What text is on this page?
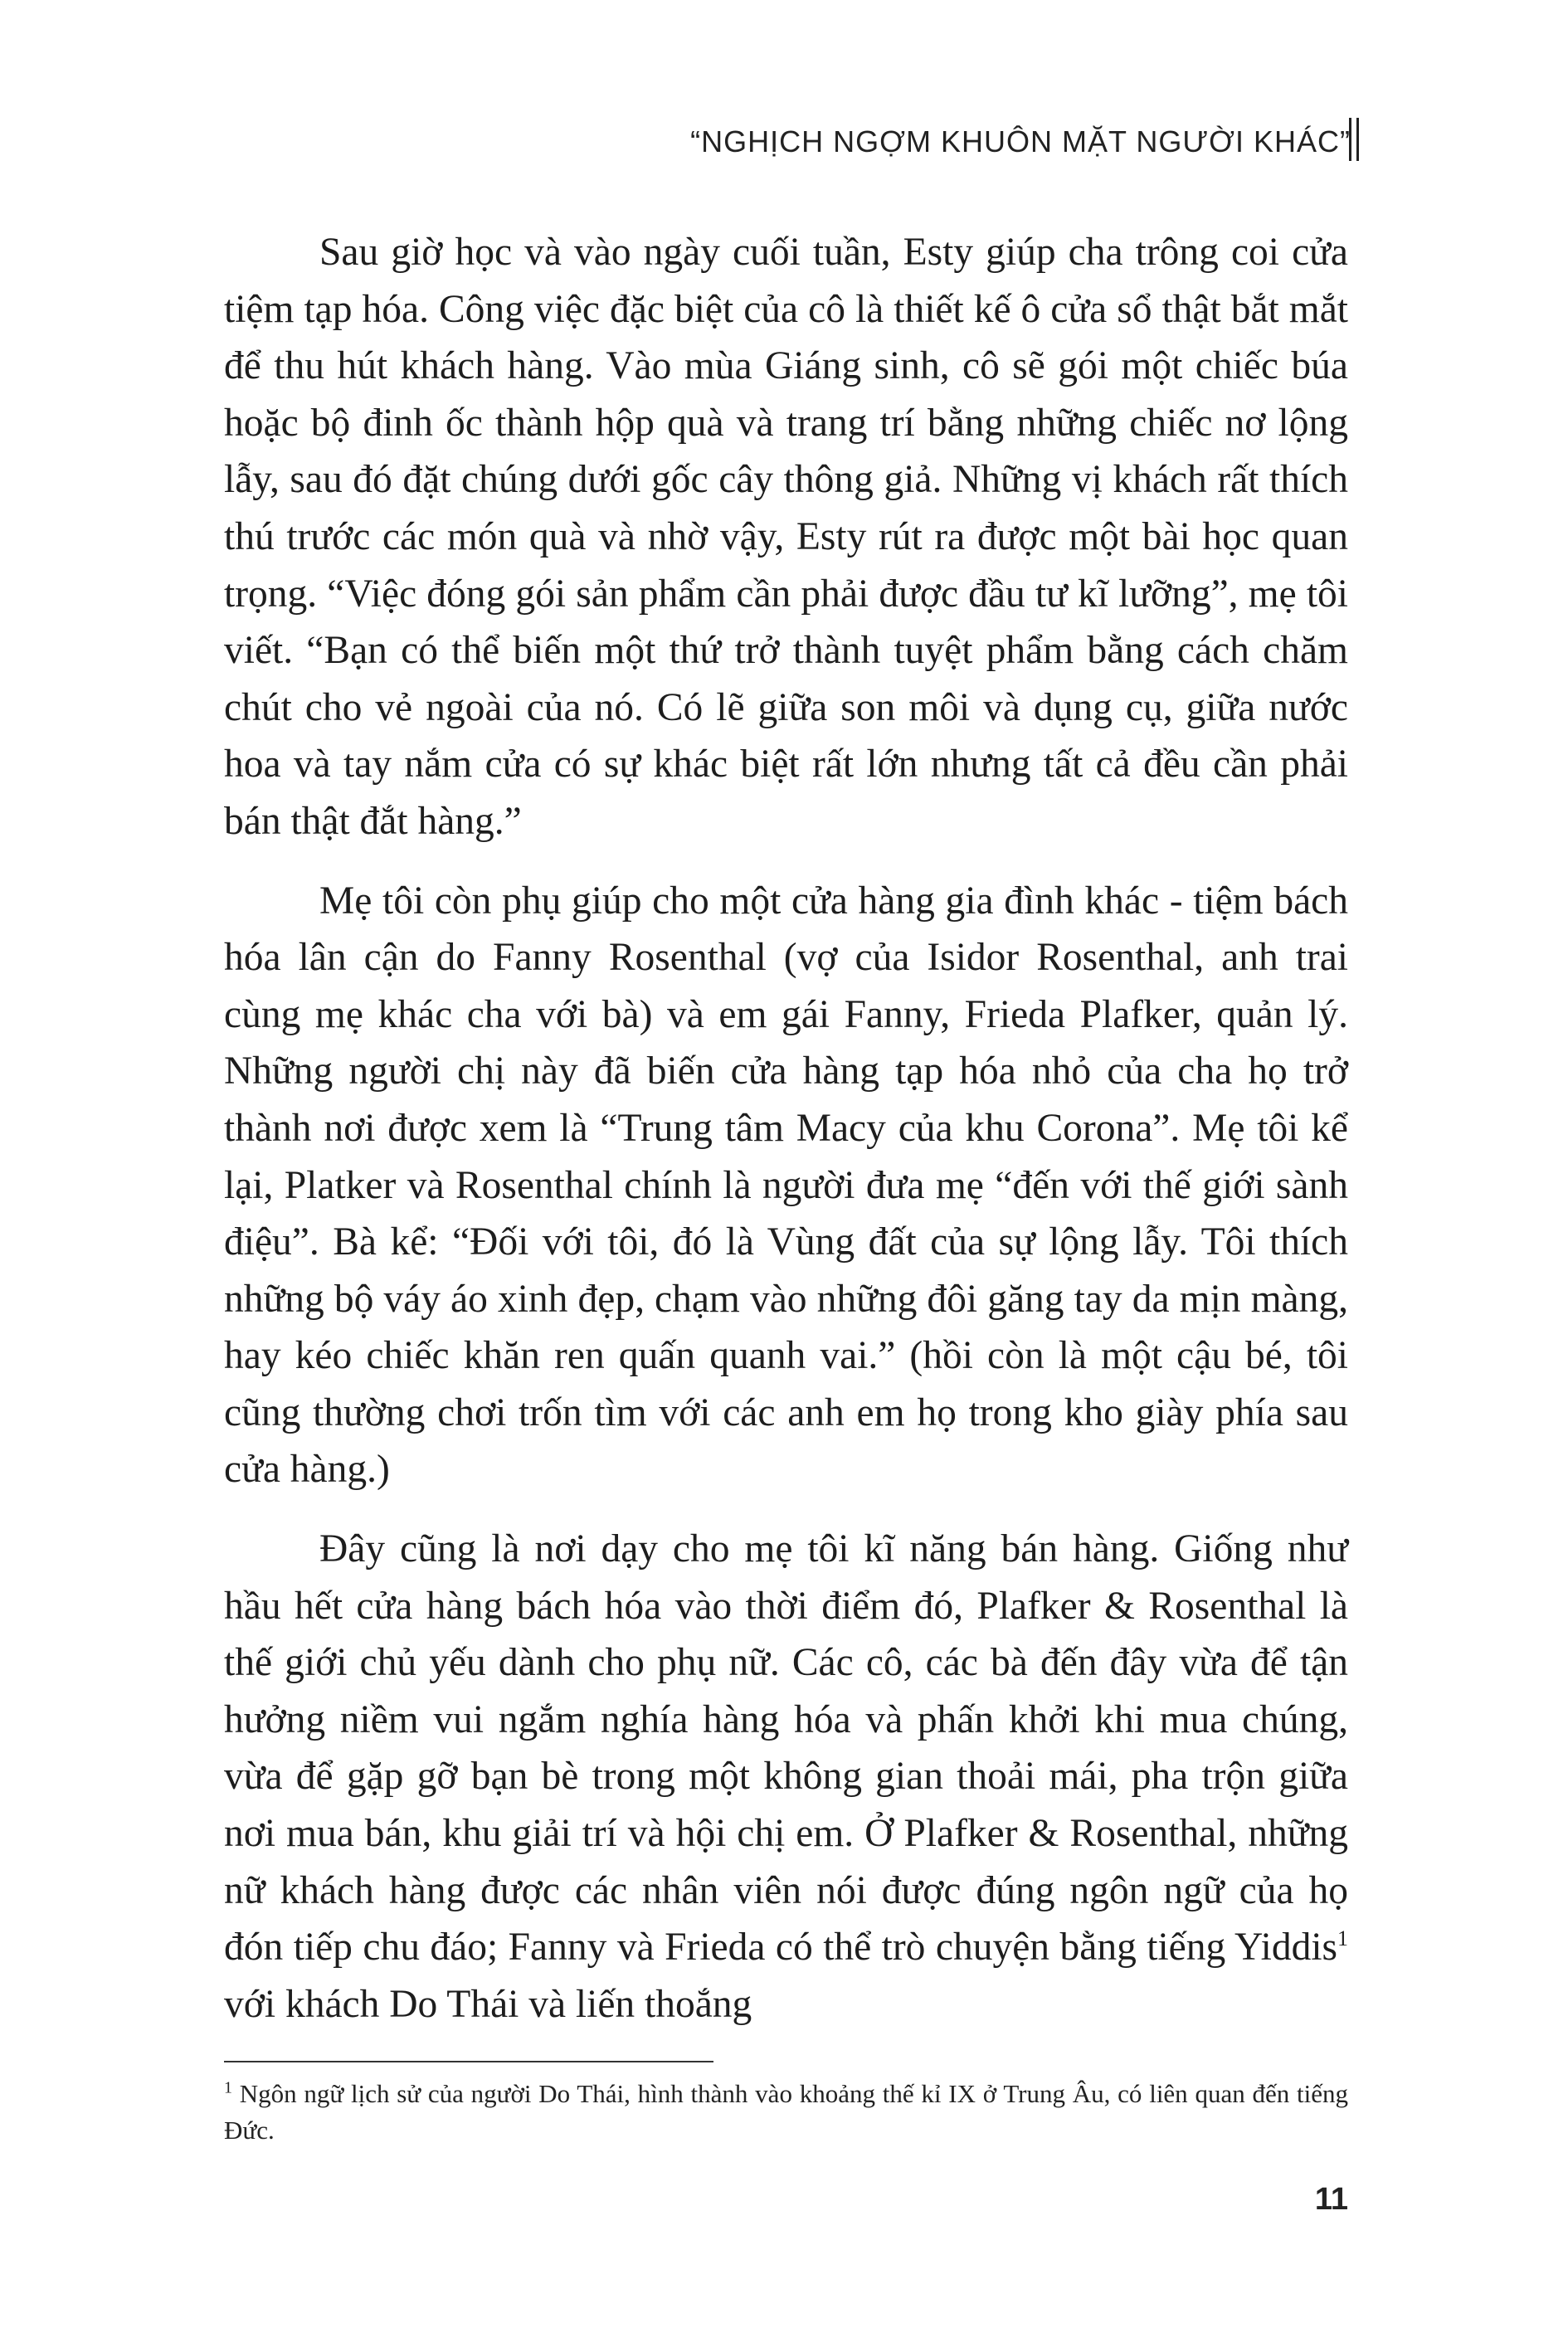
“NGHỊCH NGỢM KHUÔN MẶT NGƯỜI KHÁC”

Sau giờ học và vào ngày cuối tuần, Esty giúp cha trông coi cửa tiệm tạp hóa. Công việc đặc biệt của cô là thiết kế ô cửa sổ thật bắt mắt để thu hút khách hàng. Vào mùa Giáng sinh, cô sẽ gói một chiếc búa hoặc bộ đinh ốc thành hộp quà và trang trí bằng những chiếc nơ lộng lẫy, sau đó đặt chúng dưới gốc cây thông giả. Những vị khách rất thích thú trước các món quà và nhờ vậy, Esty rút ra được một bài học quan trọng. “Việc đóng gói sản phẩm cần phải được đầu tư kĩ lưỡng”, mẹ tôi viết. “Bạn có thể biến một thứ trở thành tuyệt phẩm bằng cách chăm chút cho vẻ ngoài của nó. Có lẽ giữa son môi và dụng cụ, giữa nước hoa và tay nắm cửa có sự khác biệt rất lớn nhưng tất cả đều cần phải bán thật đắt hàng.”

Mẹ tôi còn phụ giúp cho một cửa hàng gia đình khác - tiệm bách hóa lân cận do Fanny Rosenthal (vợ của Isidor Rosenthal, anh trai cùng mẹ khác cha với bà) và em gái Fanny, Frieda Plafker, quản lý. Những người chị này đã biến cửa hàng tạp hóa nhỏ của cha họ trở thành nơi được xem là “Trung tâm Macy của khu Corona”. Mẹ tôi kể lại, Platker và Rosenthal chính là người đưa mẹ “đến với thế giới sành điệu”. Bà kể: “Đối với tôi, đó là Vùng đất của sự lộng lẫy. Tôi thích những bộ váy áo xinh đẹp, chạm vào những đôi găng tay da mịn màng, hay kéo chiếc khăn ren quấn quanh vai.” (hồi còn là một cậu bé, tôi cũng thường chơi trốn tìm với các anh em họ trong kho giày phía sau cửa hàng.)

Đây cũng là nơi dạy cho mẹ tôi kĩ năng bán hàng. Giống như hầu hết cửa hàng bách hóa vào thời điểm đó, Plafker & Rosenthal là thế giới chủ yếu dành cho phụ nữ. Các cô, các bà đến đây vừa để tận hưởng niềm vui ngắm nghía hàng hóa và phấn khởi khi mua chúng, vừa để gặp gỡ bạn bè trong một không gian thoải mái, pha trộn giữa nơi mua bán, khu giải trí và hội chị em. Ở Plafker & Rosenthal, những nữ khách hàng được các nhân viên nói được đúng ngôn ngữ của họ đón tiếp chu đáo; Fanny và Frieda có thể trò chuyện bằng tiếng Yiddis$^1$ với khách Do Thái và liến thoắng

$^1$ Ngôn ngữ lịch sử của người Do Thái, hình thành vào khoảng thế kỉ IX ở Trung Âu, có liên quan đến tiếng Đức.
11
